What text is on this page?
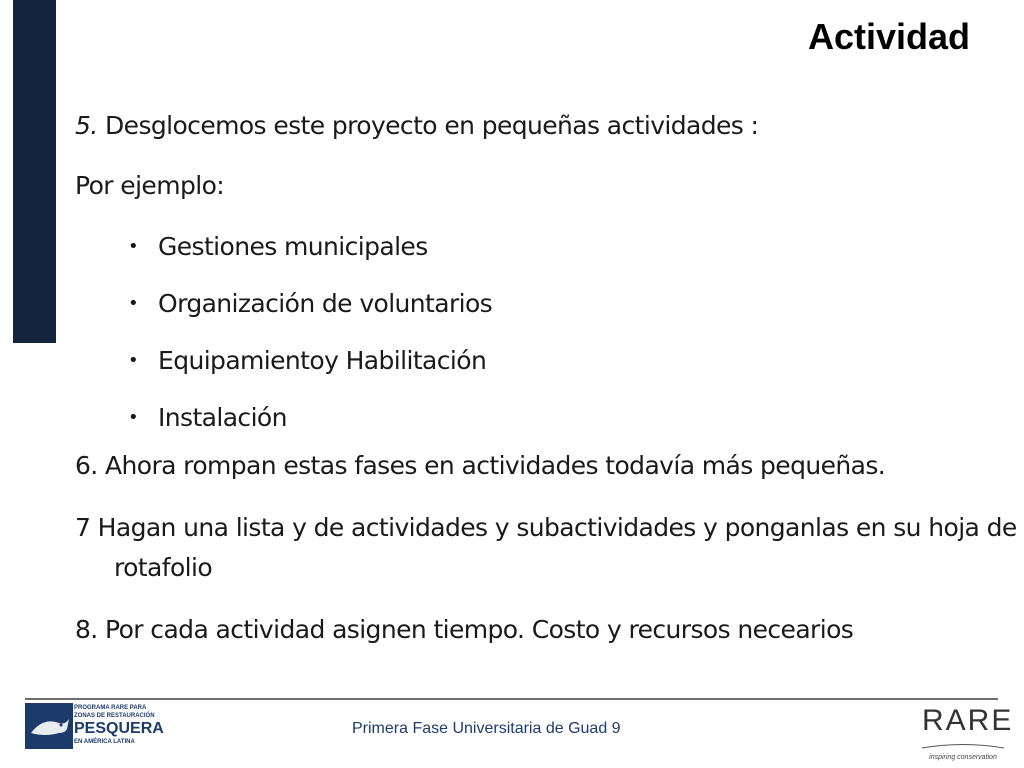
Actividad

5. Desglocemos este proyecto en pequeñas actividades :

Por ejemplo:

• Gestiones municipales
• Organización de voluntarios
• Equipamientoy Habilitación
• Instalación

6. Ahora rompan estas fases en actividades todavía más pequeñas.

7 Hagan una lista y de actividades y subactividades y ponganlas en su hoja de rotafolio

8. Por cada actividad asignen tiempo. Costo y recursos necearios

PROGRAMA RARE PARA
ZONAS DE RESTAURACIÓN
PESQUERA
EN AMÉRICA LATINA
Primera Fase Universitaria de Guad 9	RARE
inspiring conservation
